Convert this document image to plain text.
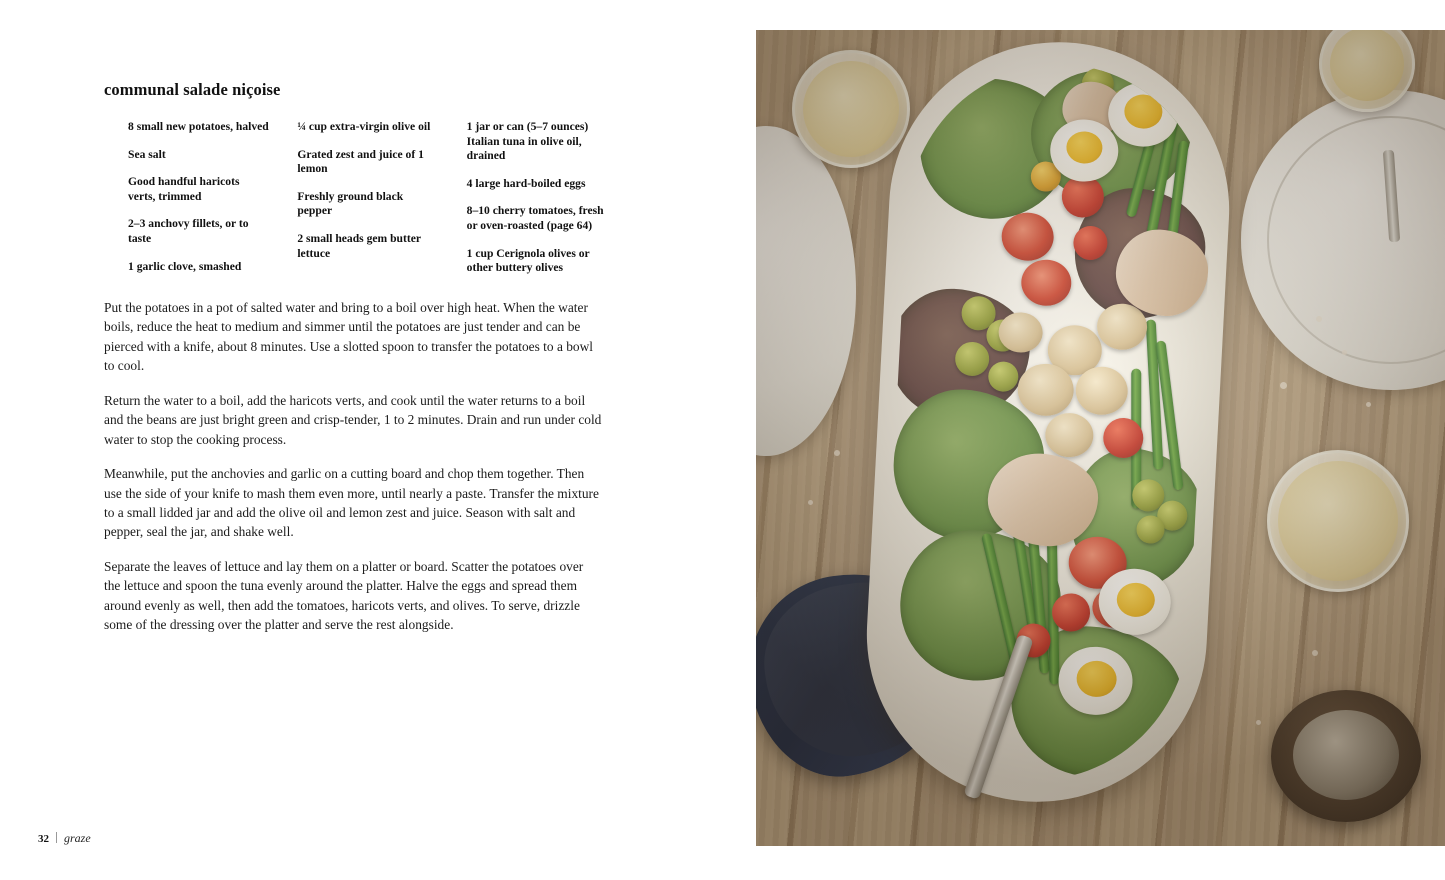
communal salade niçoise
8 small new potatoes, halved
Sea salt
Good handful haricots verts, trimmed
2–3 anchovy fillets, or to taste
1 garlic clove, smashed
¼ cup extra-virgin olive oil
Grated zest and juice of 1 lemon
Freshly ground black pepper
2 small heads gem butter lettuce
1 jar or can (5–7 ounces) Italian tuna in olive oil, drained
4 large hard-boiled eggs
8–10 cherry tomatoes, fresh or oven-roasted (page 64)
1 cup Cerignola olives or other buttery olives

Put the potatoes in a pot of salted water and bring to a boil over high heat. When the water boils, reduce the heat to medium and simmer until the potatoes are just tender and can be pierced with a knife, about 8 minutes. Use a slotted spoon to transfer the potatoes to a bowl to cool.

Return the water to a boil, add the haricots verts, and cook until the water returns to a boil and the beans are just bright green and crisp-tender, 1 to 2 minutes. Drain and run under cold water to stop the cooking process.

Meanwhile, put the anchovies and garlic on a cutting board and chop them together. Then use the side of your knife to mash them even more, until nearly a paste. Transfer the mixture to a small lidded jar and add the olive oil and lemon zest and juice. Season with salt and pepper, seal the jar, and shake well.

Separate the leaves of lettuce and lay them on a platter or board. Scatter the potatoes over the lettuce and spoon the tuna evenly around the platter. Halve the eggs and spread them around evenly as well, then add the tomatoes, haricots verts, and olives. To serve, drizzle some of the dressing over the platter and serve the rest alongside.

32 graze
